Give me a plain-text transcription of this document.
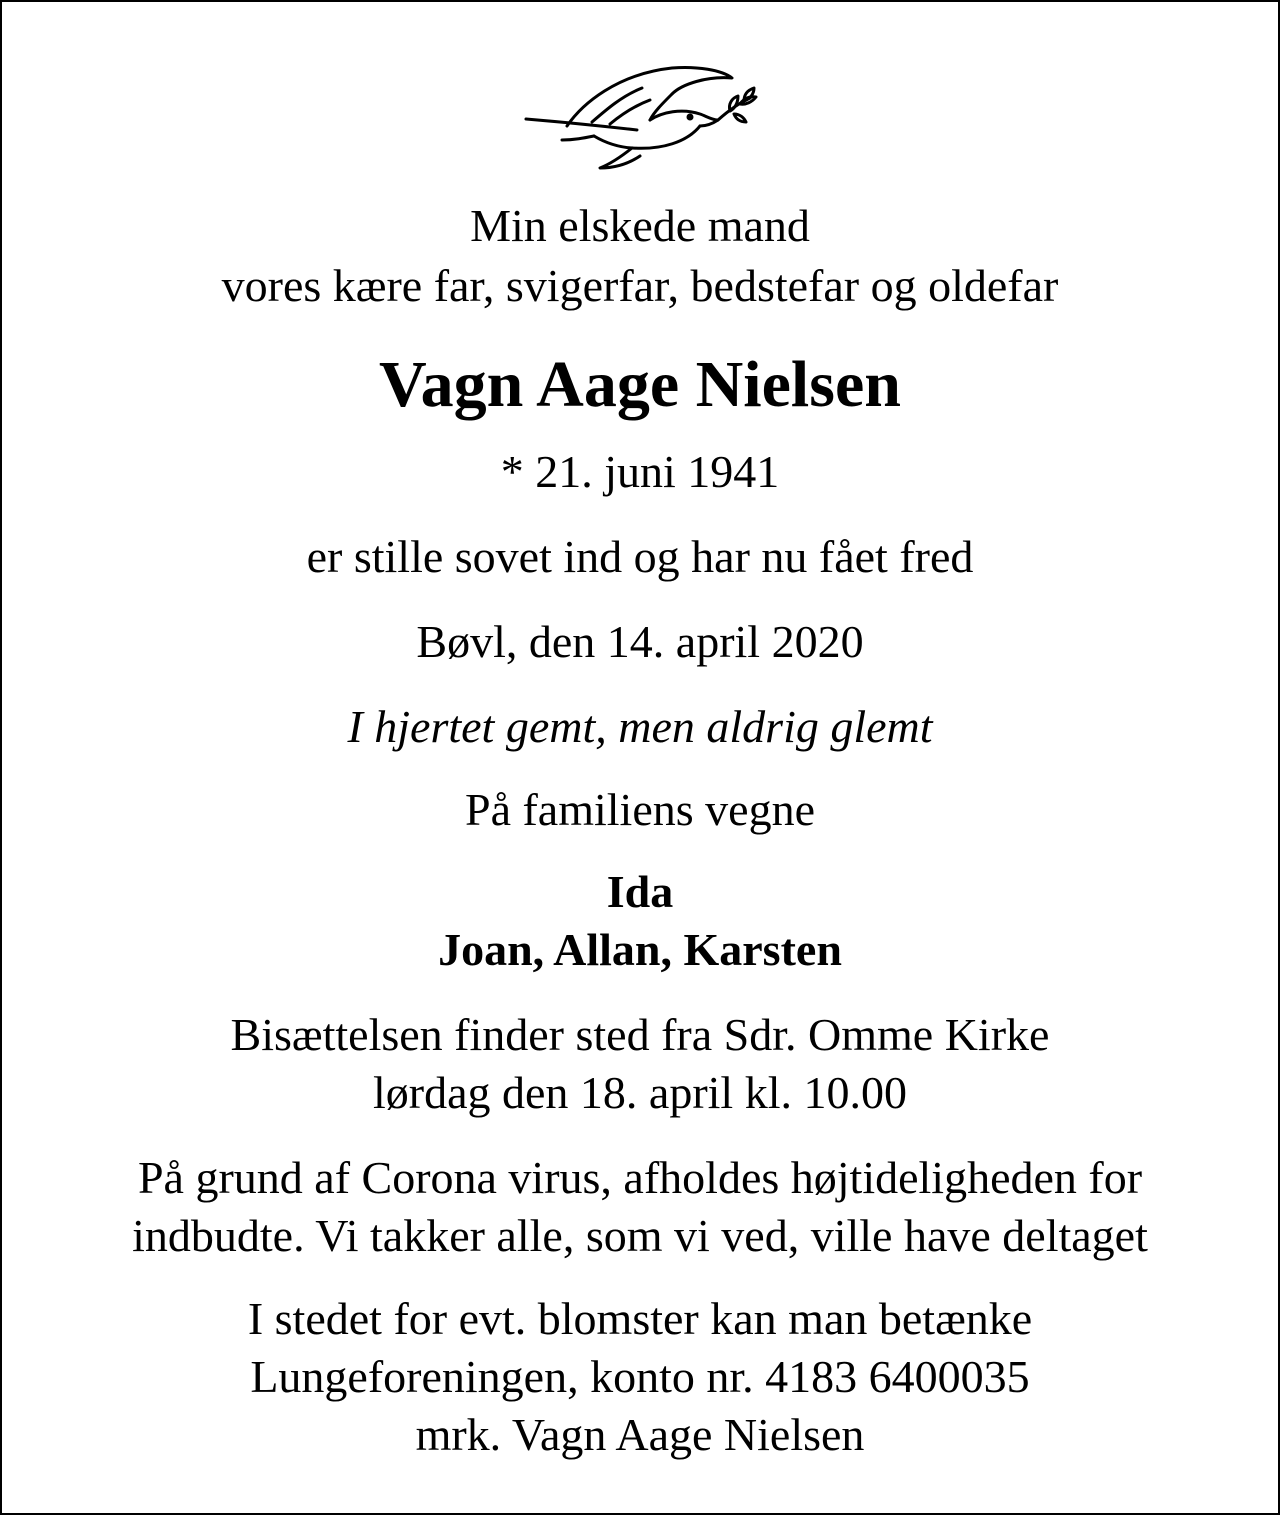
Min elskede mand
vores kære far, svigerfar, bedstefar og oldefar
Vagn Aage Nielsen
* 21. juni 1941
er stille sovet ind og har nu fået fred
Bøvl, den 14. april 2020
I hjertet gemt, men aldrig glemt
På familiens vegne
Ida
Joan, Allan, Karsten
Bisættelsen finder sted fra Sdr. Omme Kirke
lørdag den 18. april kl. 10.00
På grund af Corona virus, afholdes højtideligheden for
indbudte. Vi takker alle, som vi ved, ville have deltaget
I stedet for evt. blomster kan man betænke
Lungeforeningen, konto nr. 4183 6400035
mrk. Vagn Aage Nielsen
